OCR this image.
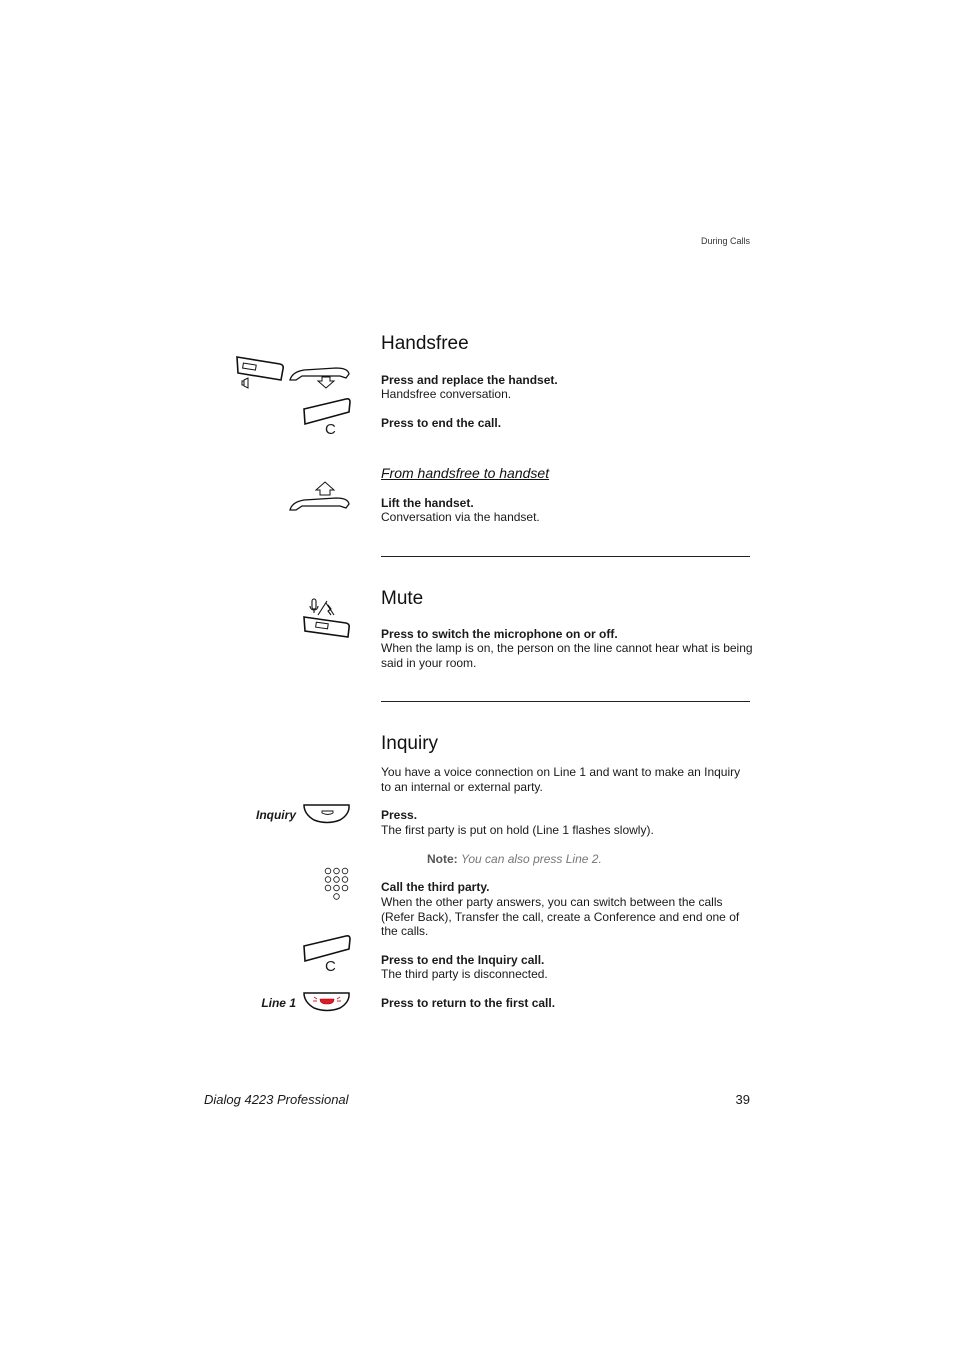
During Calls
Handsfree
Press and replace the handset.
Handsfree conversation.
C	Press to end the call.
From handsfree to handset
Lift the handset.
Conversation via the handset.
Mute
Press to switch the microphone on or off.
When the lamp is on, the person on the line cannot hear what is being said in your room.
Inquiry
You have a voice connection on Line 1 and want to make an Inquiry to an internal or external party.
Inquiry	Press.
The first party is put on hold (Line 1 flashes slowly).
Note: You can also press Line 2.
Call the third party.
When the other party answers, you can switch between the calls (Refer Back), Transfer the call, create a Conference and end one of the calls.
C	Press to end the Inquiry call.
The third party is disconnected.
Line 1	Press to return to the first call.
Dialog 4223 Professional	39
